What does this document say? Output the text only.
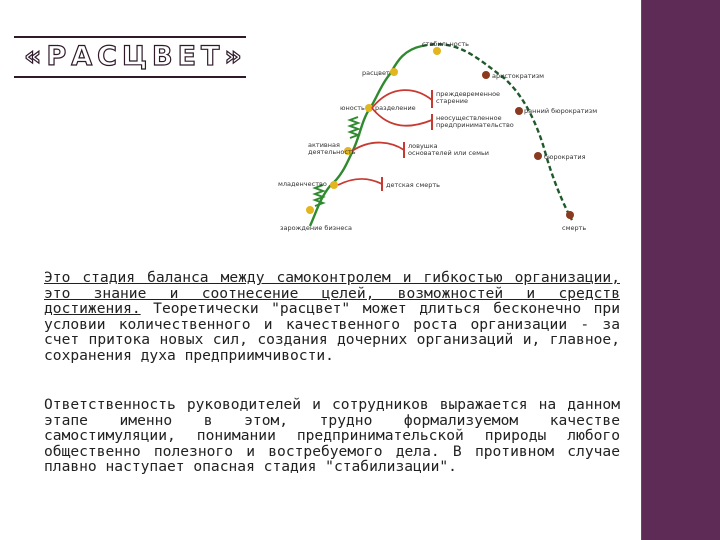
«РАСЦВЕТ»	стабильность
расцвет	аристократизм
юность разделение
преждевременное
старение
неосуществленное
предпринимательство
ранний бюрократизм
активная
деятельность
ловушка
основателей или семьи	бюрократия
младенчество	детская смерть
зарождение бизнеса	смерть
Это стадия баланса между самоконтролем и гибкостью организации, это знание и соотнесение целей, возможностей и средств достижения. Теоретически "расцвет" может длиться бесконечно при условии количественного и качественного роста организации - за счет притока новых сил, создания дочерних организаций и, главное, сохранения духа предприимчивости.
Ответственность руководителей и сотрудников выражается на данном этапе именно в этом, трудно формализуемом качестве самостимуляции, понимании предпринимательской природы любого общественно полезного и востребуемого дела. В противном случае плавно наступает опасная стадия "стабилизации".
